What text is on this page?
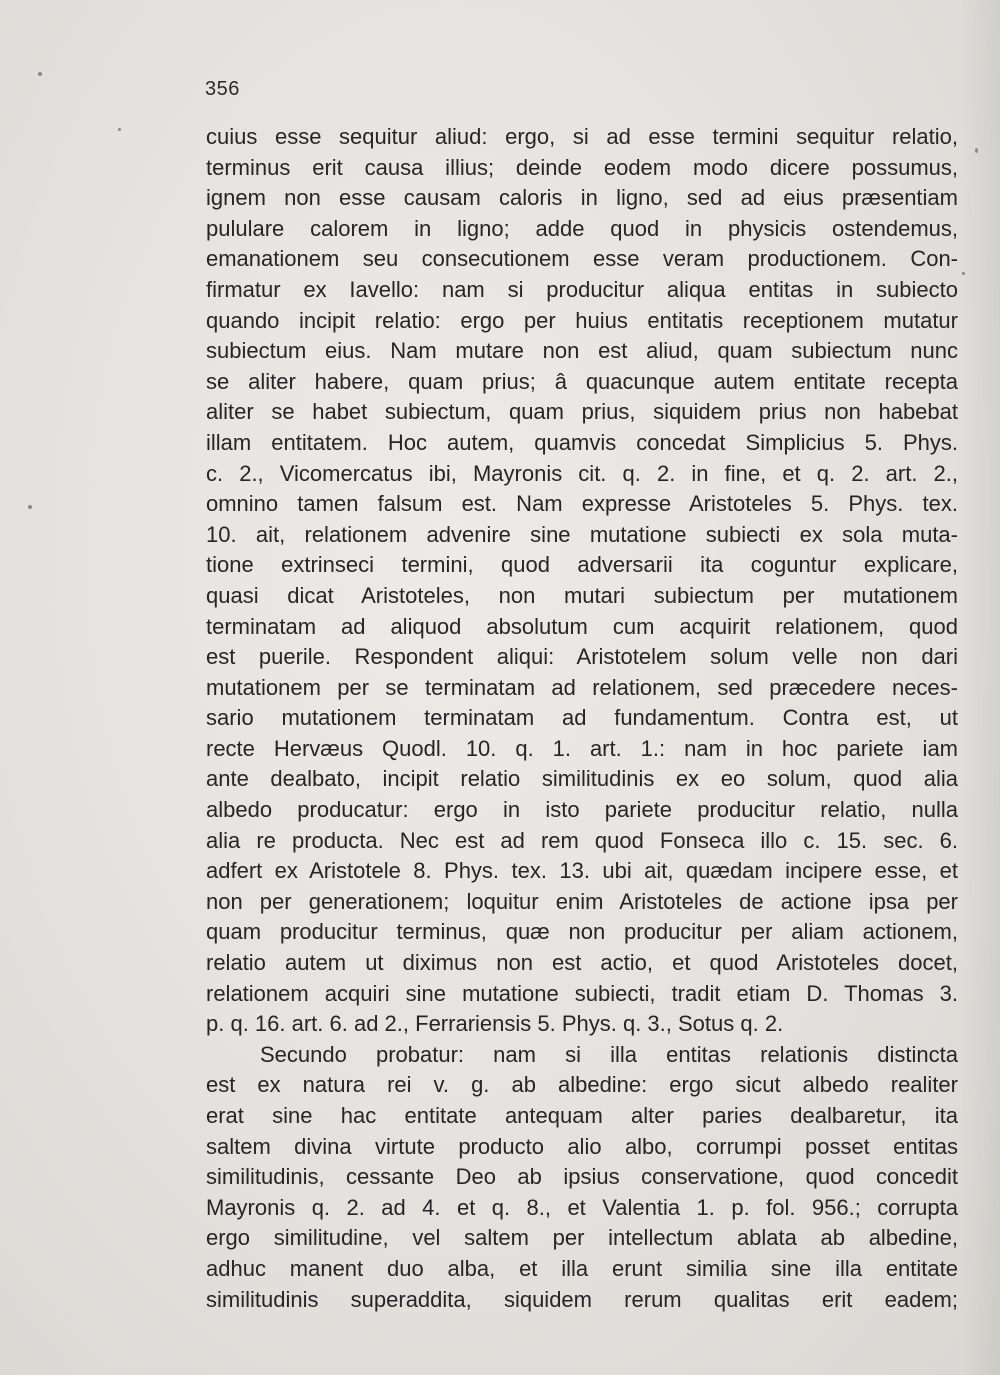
356
cuius esse sequitur aliud: ergo, si ad esse termini sequitur relatio,
terminus erit causa illius; deinde eodem modo dicere possumus,
ignem non esse causam caloris in ligno, sed ad eius præsentiam
pululare calorem in ligno; adde quod in physicis ostendemus,
emanationem seu consecutionem esse veram productionem. Con-
firmatur ex Iavello: nam si producitur aliqua entitas in subiecto
quando incipit relatio: ergo per huius entitatis receptionem mutatur
subiectum eius. Nam mutare non est aliud, quam subiectum nunc
se aliter habere, quam prius; â quacunque autem entitate recepta
aliter se habet subiectum, quam prius, siquidem prius non habebat
illam entitatem. Hoc autem, quamvis concedat Simplicius 5. Phys.
c. 2., Vicomercatus ibi, Mayronis cit. q. 2. in fine, et q. 2. art. 2.,
omnino tamen falsum est. Nam expresse Aristoteles 5. Phys. tex.
10. ait, relationem advenire sine mutatione subiecti ex sola muta-
tione extrinseci termini, quod adversarii ita coguntur explicare,
quasi dicat Aristoteles, non mutari subiectum per mutationem
terminatam ad aliquod absolutum cum acquirit relationem, quod
est puerile. Respondent aliqui: Aristotelem solum velle non dari
mutationem per se terminatam ad relationem, sed præcedere neces-
sario mutationem terminatam ad fundamentum. Contra est, ut
recte Hervæus Quodl. 10. q. 1. art. 1.: nam in hoc pariete iam
ante dealbato, incipit relatio similitudinis ex eo solum, quod alia
albedo producatur: ergo in isto pariete producitur relatio, nulla
alia re producta. Nec est ad rem quod Fonseca illo c. 15. sec. 6.
adfert ex Aristotele 8. Phys. tex. 13. ubi ait, quædam incipere esse, et
non per generationem; loquitur enim Aristoteles de actione ipsa per
quam producitur terminus, quæ non producitur per aliam actionem,
relatio autem ut diximus non est actio, et quod Aristoteles docet,
relationem acquiri sine mutatione subiecti, tradit etiam D. Thomas 3.
p. q. 16. art. 6. ad 2., Ferrariensis 5. Phys. q. 3., Sotus q. 2.
Secundo probatur: nam si illa entitas relationis distincta
est ex natura rei v. g. ab albedine: ergo sicut albedo realiter
erat sine hac entitate antequam alter paries dealbaretur, ita
saltem divina virtute producto alio albo, corrumpi posset entitas
similitudinis, cessante Deo ab ipsius conservatione, quod concedit
Mayronis q. 2. ad 4. et q. 8., et Valentia 1. p. fol. 956.; corrupta
ergo similitudine, vel saltem per intellectum ablata ab albedine,
adhuc manent duo alba, et illa erunt similia sine illa entitate
similitudinis superaddita, siquidem rerum qualitas erit eadem;
